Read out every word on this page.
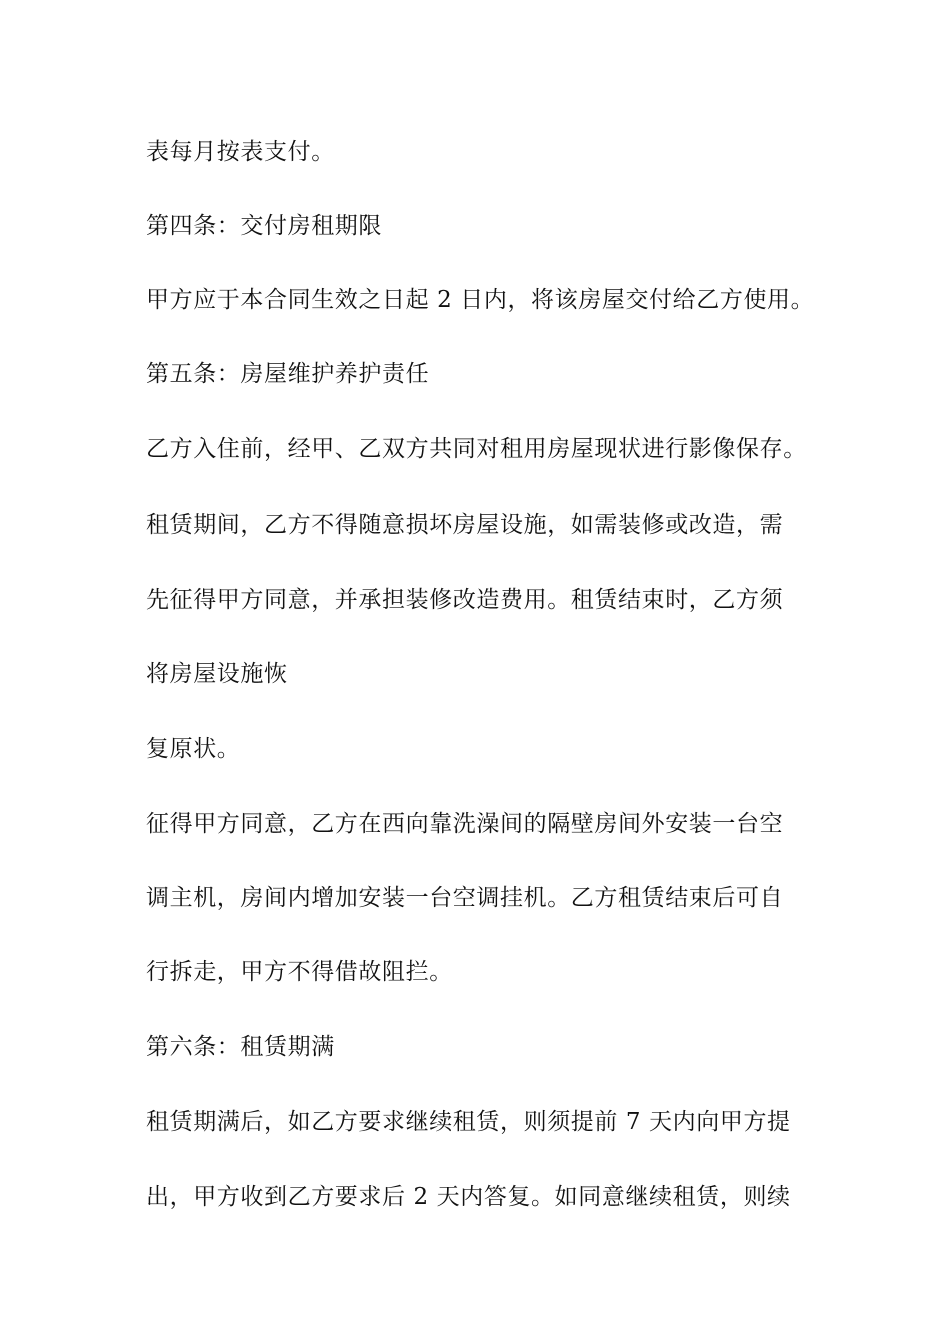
表每月按表支付。
第四条：交付房租期限
甲方应于本合同生效之日起 2 日内，将该房屋交付给乙方使用。
第五条：房屋维护养护责任
乙方入住前，经甲、乙双方共同对租用房屋现状进行影像保存。
租赁期间，乙方不得随意损坏房屋设施，如需装修或改造，需
先征得甲方同意，并承担装修改造费用。租赁结束时，乙方须
将房屋设施恢
复原状。
征得甲方同意，乙方在西向靠洗澡间的隔壁房间外安装一台空
调主机，房间内增加安装一台空调挂机。乙方租赁结束后可自
行拆走，甲方不得借故阻拦。
第六条：租赁期满
租赁期满后，如乙方要求继续租赁，则须提前 7 天内向甲方提
出，甲方收到乙方要求后 2 天内答复。如同意继续租赁，则续
